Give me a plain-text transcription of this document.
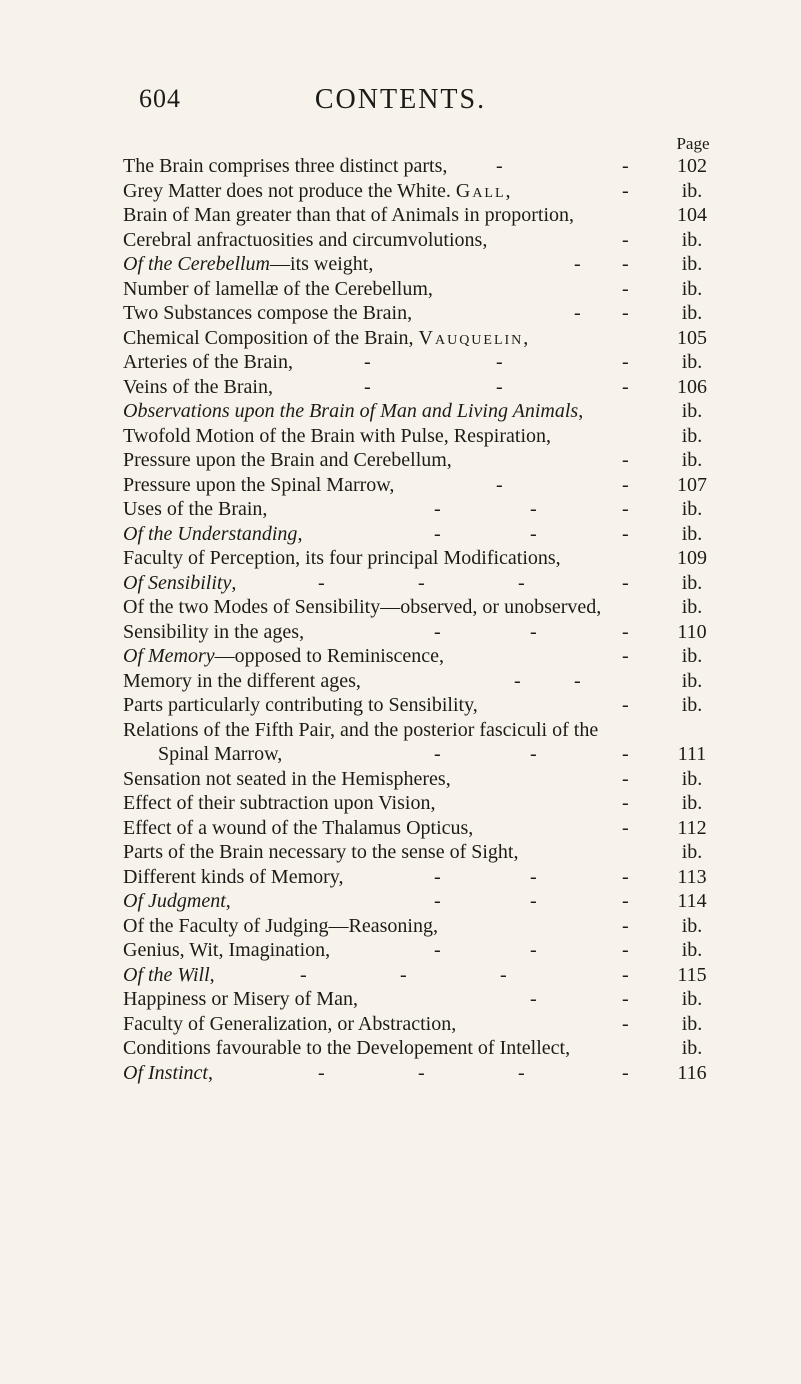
CONTENTS.
604
Page
The Brain comprises three distinct parts, -	-	102
Grey Matter does not produce the White. Gall,	-	ib.
Brain of Man greater than that of Animals in proportion,	104
Cerebral anfractuosities and circumvolutions,	-	ib.
Of the Cerebellum—its weight,	- -	ib.
Number of lamellæ of the Cerebellum,	-	ib.
Two Substances compose the Brain,	- -	ib.
Chemical Composition of the Brain, Vauquelin,	105
Arteries of the Brain,	-	-	-	ib.
Veins of the Brain,	-	-	-	106
Observations upon the Brain of Man and Living Animals,	ib.
Twofold Motion of the Brain with Pulse, Respiration,	ib.
Pressure upon the Brain and Cerebellum,	-	ib.
Pressure upon the Spinal Marrow,	-	-	107
Uses of the Brain,	-	-	-	ib.
Of the Understanding,	-	-	-	ib.
Faculty of Perception, its four principal Modifications,	109
Of Sensibility,	-	-	-	-	ib.
Of the two Modes of Sensibility—observed, or unobserved,	ib.
Sensibility in the ages,	-	-	-	110
Of Memory—opposed to Reminiscence,	-	ib.
Memory in the different ages,	-	-	ib.
Parts particularly contributing to Sensibility,	-	ib.
Relations of the Fifth Pair, and the posterior fasciculi of the
Spinal Marrow,	-	-	-	111
Sensation not seated in the Hemispheres,	-	ib.
Effect of their subtraction upon Vision,	-	ib.
Effect of a wound of the Thalamus Opticus,	-	112
Parts of the Brain necessary to the sense of Sight,	ib.
Different kinds of Memory,	-	-	-	113
Of Judgment,	-	-	-	114
Of the Faculty of Judging—Reasoning,	-	ib.
Genius, Wit, Imagination,	-	-	-	ib.
Of the Will,	-	-	-	-	115
Happiness or Misery of Man,	-	-	ib.
Faculty of Generalization, or Abstraction,	-	ib.
Conditions favourable to the Developement of Intellect,	ib.
Of Instinct,	-	-	-	-	116
